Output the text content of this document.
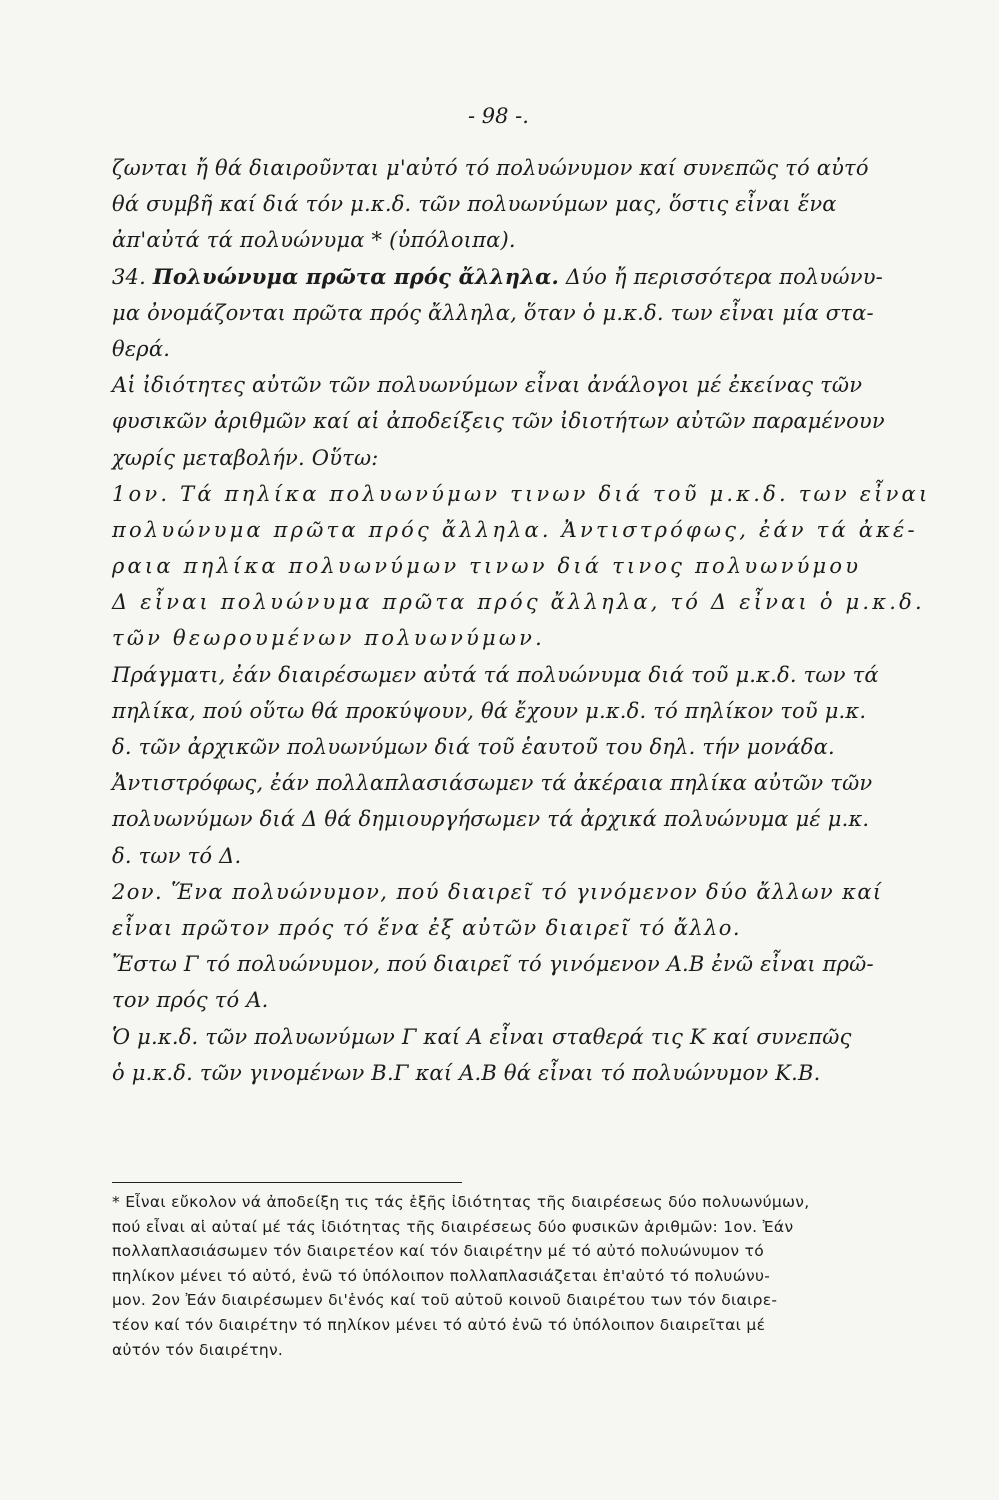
- 98 -.
ζωνται ἤ θά διαιροῦνται μ'αὐτό τό πολυώνυμον καί συνεπῶς τό αὐτό
θά συμβῆ καί διά τόν μ.κ.δ. τῶν πολυωνύμων μας, ὅστις εἶναι ἕνα
ἀπ'αὐτά τά πολυώνυμα * (ὑπόλοιπα).
34. Πολυώνυμα πρῶτα πρός ἄλληλα. Δύο ἤ περισσότερα πολυώνυ-
μα ὀνομάζονται πρῶτα πρός ἄλληλα, ὅταν ὁ μ.κ.δ. των εἶναι μία στα-
θερά.
Αἱ ἰδιότητες αὐτῶν τῶν πολυωνύμων εἶναι ἀνάλογοι μέ ἐκείνας τῶν
φυσικῶν ἀριθμῶν καί αἱ ἀποδείξεις τῶν ἰδιοτήτων αὐτῶν παραμένουν
χωρίς μεταβολήν. Οὕτω:
1ον. Τά πηλίκα πολυωνύμων τινων διά τοῦ μ.κ.δ. των εἶναι
πολυώνυμα πρῶτα πρός ἄλληλα. Ἀντιστρόφως, ἐάν τά ἀκέ-
ραια πηλίκα πολυωνύμων τινων διά τινος πολυωνύμου
Δ εἶναι πολυώνυμα πρῶτα πρός ἄλληλα, τό Δ εἶναι ὁ μ.κ.δ.
τῶν θεωρουμένων πολυωνύμων.
Πράγματι, ἐάν διαιρέσωμεν αὐτά τά πολυώνυμα διά τοῦ μ.κ.δ. των τά
πηλίκα, πού οὕτω θά προκύψουν, θά ἔχουν μ.κ.δ. τό πηλίκον τοῦ μ.κ.
δ. τῶν ἀρχικῶν πολυωνύμων διά τοῦ ἑαυτοῦ του δηλ. τήν μονάδα.
Ἀντιστρόφως, ἐάν πολλαπλασιάσωμεν τά ἀκέραια πηλίκα αὐτῶν τῶν
πολυωνύμων διά Δ θά δημιουργήσωμεν τά ἀρχικά πολυώνυμα μέ μ.κ.
δ. των τό Δ.
2ον. Ἕνα πολυώνυμον, πού διαιρεῖ τό γινόμενον δύο ἄλλων καί
εἶναι πρῶτον πρός τό ἕνα ἐξ αὐτῶν διαιρεῖ τό ἄλλο.
Ἔστω Γ τό πολυώνυμον, πού διαιρεῖ τό γινόμενον Α.Β ἐνῶ εἶναι πρῶ-
τον πρός τό Α.
Ὁ μ.κ.δ. τῶν πολυωνύμων Γ καί Α εἶναι σταθερά τις Κ καί συνεπῶς
ὁ μ.κ.δ. τῶν γινομένων Β.Γ καί Α.Β θά εἶναι τό πολυώνυμον Κ.Β.
* Εἶναι εὔκολον νά ἀποδείξη τις τάς ἑξῆς ἰδιότητας τῆς διαιρέσεως δύο πολυωνύμων,
πού εἶναι αἱ αὐταί μέ τάς ἰδιότητας τῆς διαιρέσεως δύο φυσικῶν ἀριθμῶν: 1ον. Ἐάν
πολλαπλασιάσωμεν τόν διαιρετέον καί τόν διαιρέτην μέ τό αὐτό πολυώνυμον τό
πηλίκον μένει τό αὐτό, ἐνῶ τό ὑπόλοιπον πολλαπλασιάζεται ἐπ'αὐτό τό πολυώνυ-
μον. 2ον Ἐάν διαιρέσωμεν δι'ἑνός καί τοῦ αὐτοῦ κοινοῦ διαιρέτου των τόν διαιρε-
τέον καί τόν διαιρέτην τό πηλίκον μένει τό αὐτό ἐνῶ τό ὑπόλοιπον διαιρεῖται μέ
αὐτόν τόν διαιρέτην.
